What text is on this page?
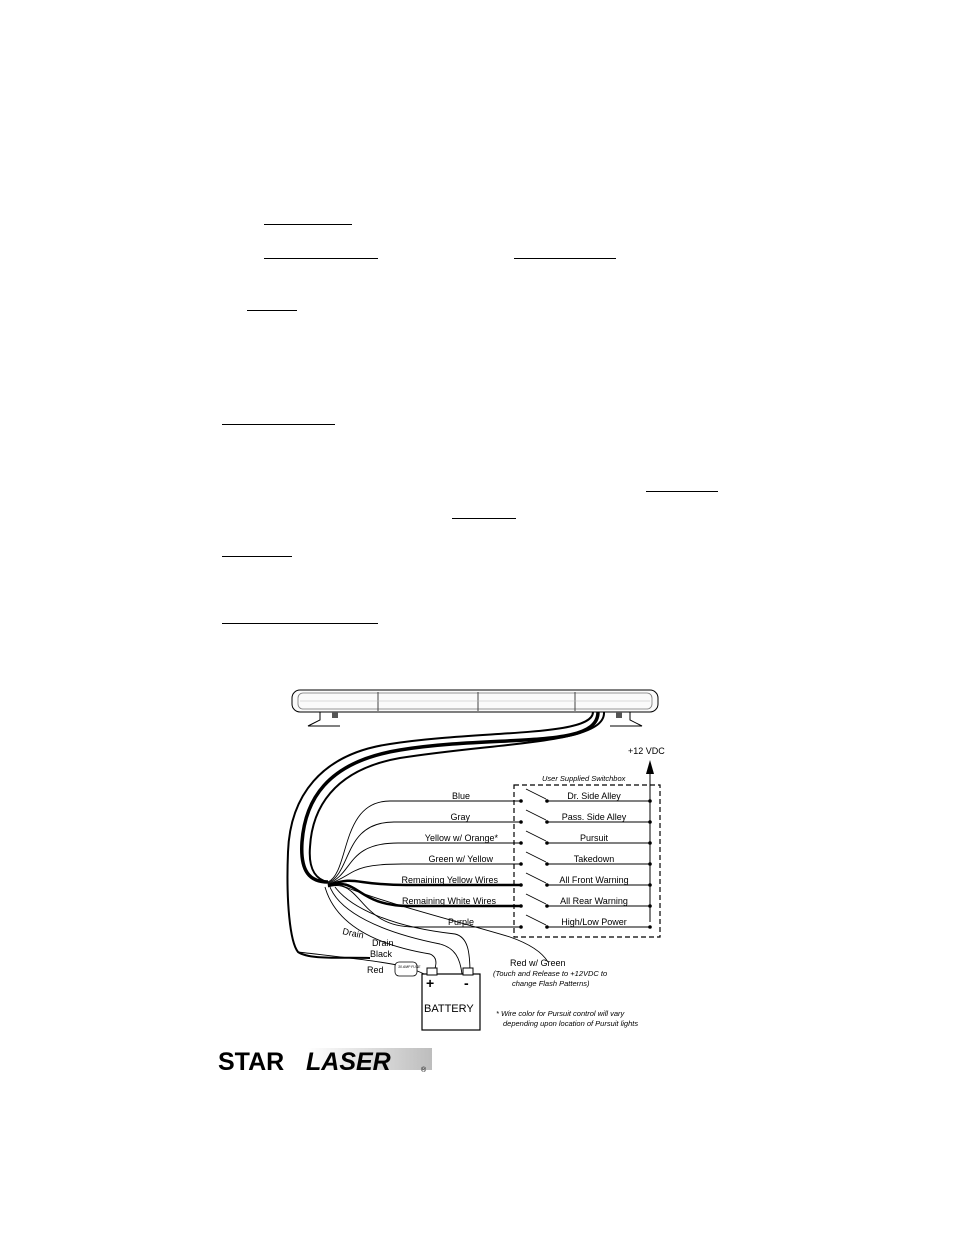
+12 VDC
User Supplied Switchbox
Blue	Dr. Side Alley
Gray	Pass. Side Alley
Yellow w/ Orange*	Pursuit
Green w/ Yellow	Takedown
Remaining Yellow Wires	All Front Warning
Remaining White Wires	All Rear Warning
Purple	High/Low Power
Drain
Drain
Black
Red	30 AMP FUSE
+ -
BATTERY
Red w/ Green
(Touch and Release to +12VDC to
change Flash Patterns)
* Wire color for Pursuit control will vary
depending upon location of Pursuit lights
STAR LASER	®
